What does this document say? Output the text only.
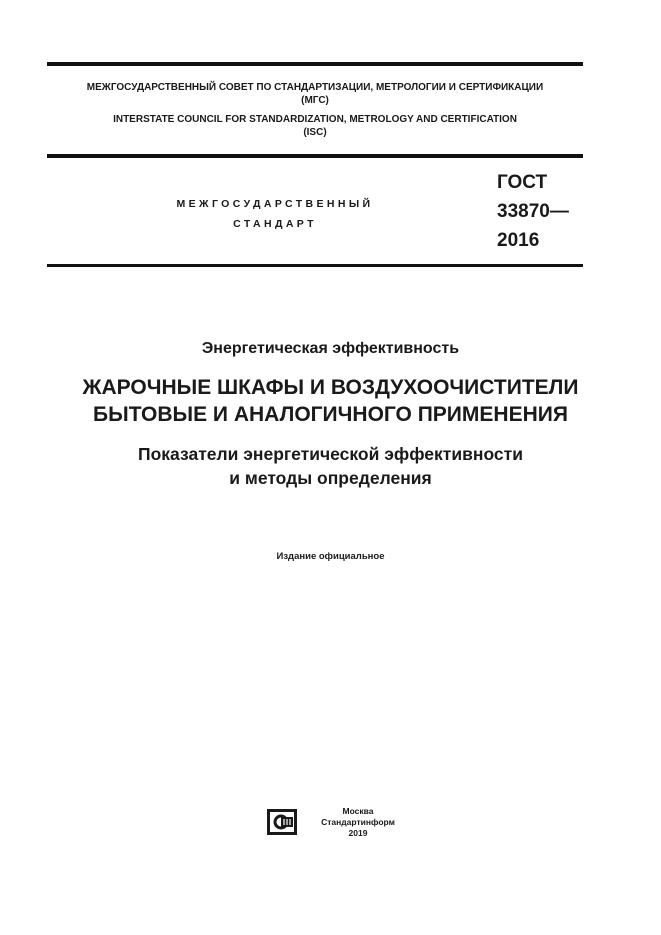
МЕЖГОСУДАРСТВЕННЫЙ СОВЕТ ПО СТАНДАРТИЗАЦИИ, МЕТРОЛОГИИ И СЕРТИФИКАЦИИ
(МГС)
INTERSTATE COUNCIL FOR STANDARDIZATION, METROLOGY AND CERTIFICATION
(ISC)
МЕЖГОСУДАРСТВЕННЫЙ
СТАНДАРТ
ГОСТ
33870—
2016
Энергетическая эффективность
ЖАРОЧНЫЕ ШКАФЫ И ВОЗДУХООЧИСТИТЕЛИ
БЫТОВЫЕ И АНАЛОГИЧНОГО ПРИМЕНЕНИЯ
Показатели энергетической эффективности
и методы определения
Издание официальное
Москва
Стандартинформ
2019
